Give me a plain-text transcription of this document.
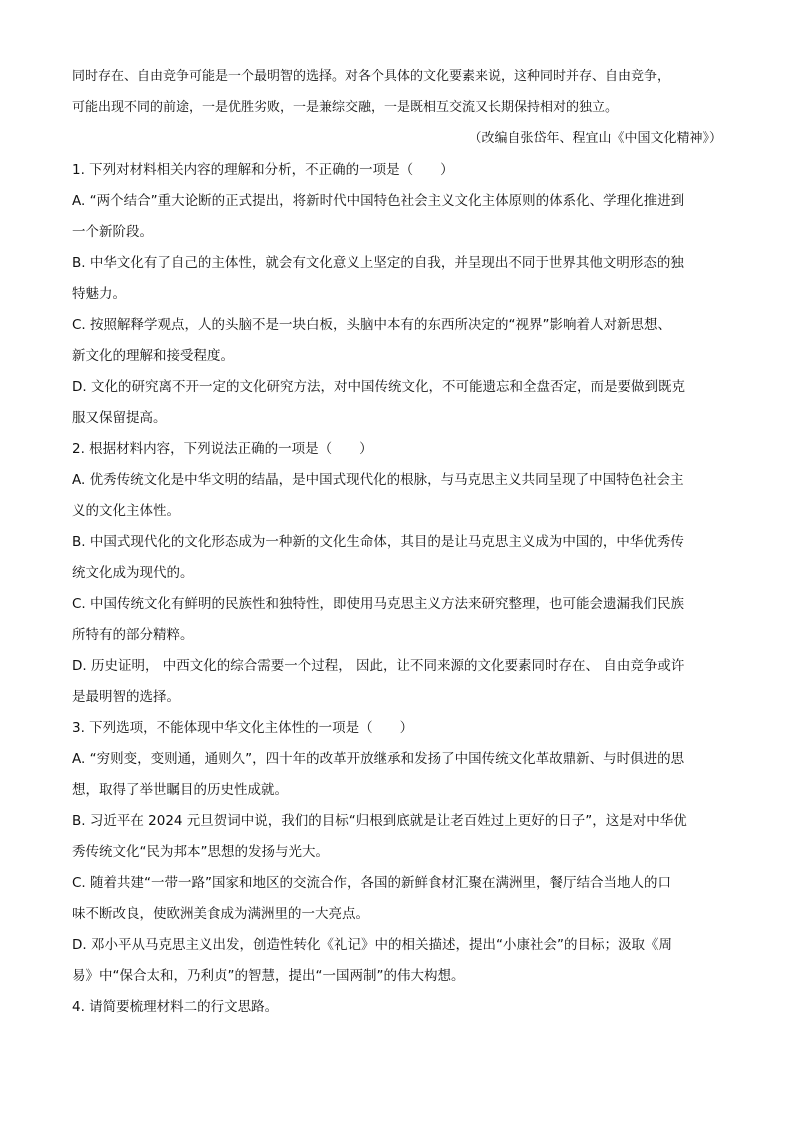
同时存在、自由竞争可能是一个最明智的选择。对各个具体的文化要素来说，这种同时并存、自由竞争，
可能出现不同的前途，一是优胜劣败，一是兼综交融，一是既相互交流又长期保持相对的独立。
（改编自张岱年、程宜山《中国文化精神》）
1. 下列对材料相关内容的理解和分析，不正确的一项是（　　）
A. “两个结合”重大论断的正式提出，将新时代中国特色社会主义文化主体原则的体系化、学理化推进到
一个新阶段。
B. 中华文化有了自己的主体性，就会有文化意义上坚定的自我，并呈现出不同于世界其他文明形态的独
特魅力。
C. 按照解释学观点，人的头脑不是一块白板，头脑中本有的东西所决定的“视界”影响着人对新思想、
新文化的理解和接受程度。
D. 文化的研究离不开一定的文化研究方法，对中国传统文化，不可能遗忘和全盘否定，而是要做到既克
服又保留提高。
2. 根据材料内容，下列说法正确的一项是（　　）
A. 优秀传统文化是中华文明的结晶，是中国式现代化的根脉，与马克思主义共同呈现了中国特色社会主
义的文化主体性。
B. 中国式现代化的文化形态成为一种新的文化生命体，其目的是让马克思主义成为中国的，中华优秀传
统文化成为现代的。
C. 中国传统文化有鲜明的民族性和独特性，即使用马克思主义方法来研究整理，也可能会遗漏我们民族
所特有的部分精粹。
D. 历史证明， 中西文化的综合需要一个过程， 因此，让不同来源的文化要素同时存在、 自由竞争或许
是最明智的选择。
3. 下列选项，不能体现中华文化主体性的一项是（　　）
A. “穷则变，变则通，通则久”，四十年的改革开放继承和发扬了中国传统文化革故鼎新、与时俱进的思
想，取得了举世瞩目的历史性成就。
B. 习近平在 2024 元旦贺词中说，我们的目标“归根到底就是让老百姓过上更好的日子”，这是对中华优
秀传统文化“民为邦本”思想的发扬与光大。
C. 随着共建“一带一路”国家和地区的交流合作，各国的新鲜食材汇聚在满洲里，餐厅结合当地人的口
味不断改良，使欧洲美食成为满洲里的一大亮点。
D. 邓小平从马克思主义出发，创造性转化《礼记》中的相关描述，提出“小康社会”的目标；汲取《周
易》中“保合太和，乃利贞”的智慧，提出“一国两制”的伟大构想。
4. 请简要梳理材料二的行文思路。
